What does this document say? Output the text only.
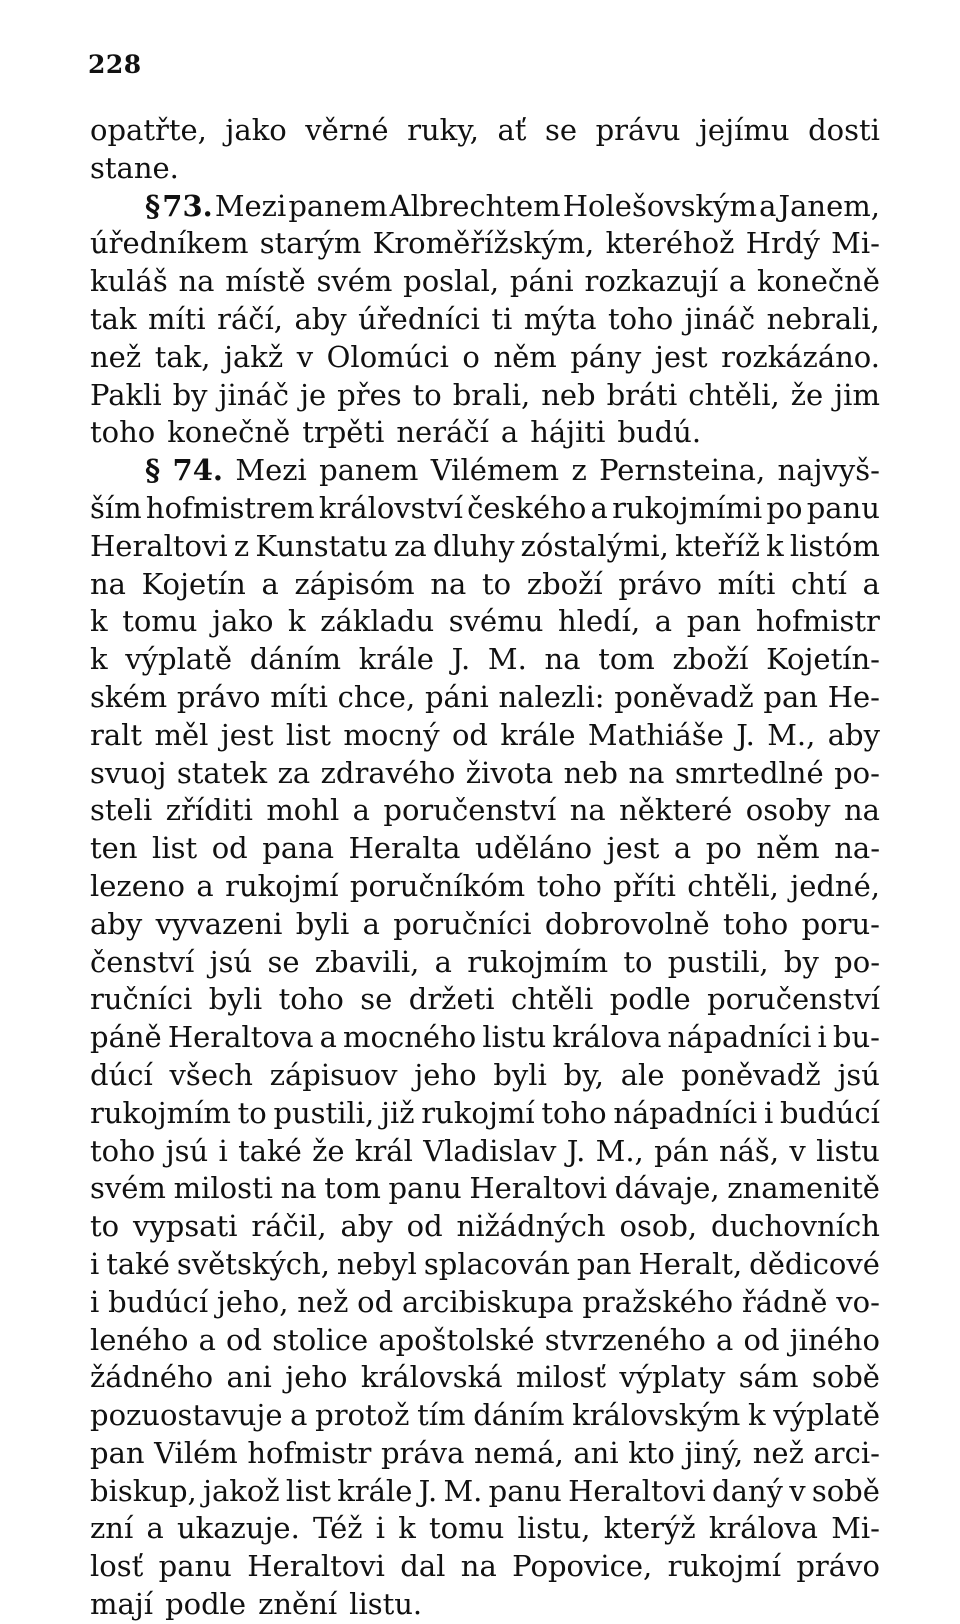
228
opatřte, jako věrné ruky, ať se právu jejímu dosti
stane.
§ 73. Mezi panem Albrechtem Holešovským a Janem,
úředníkem starým Kroměřížským, kteréhož Hrdý Mi-
kuláš na místě svém poslal, páni rozkazují a konečně
tak míti ráčí, aby úředníci ti mýta toho jináč nebrali,
než tak, jakž v Olomúci o něm pány jest rozkázáno.
Pakli by jináč je přes to brali, neb bráti chtěli, že jim
toho konečně trpěti neráčí a hájiti budú.
§ 74. Mezi panem Vilémem z Pernsteina, najvyš-
ším hofmistrem království českého a rukojmími po panu
Heraltovi z Kunstatu za dluhy zóstalými, kteříž k listóm
na Kojetín a zápisóm na to zboží právo míti chtí a
k tomu jako k základu svému hledí, a pan hofmistr
k výplatě dáním krále J. M. na tom zboží Kojetín-
ském právo míti chce, páni nalezli: poněvadž pan He-
ralt měl jest list mocný od krále Mathiáše J. M., aby
svuoj statek za zdravého života neb na smrtedlné po-
steli zříditi mohl a poručenství na některé osoby na
ten list od pana Heralta uděláno jest a po něm na-
lezeno a rukojmí poručníkóm toho příti chtěli, jedné,
aby vyvazeni byli a poručníci dobrovolně toho poru-
čenství jsú se zbavili, a rukojmím to pustili, by po-
ručníci byli toho se držeti chtěli podle poručenství
páně Heraltova a mocného listu králova nápadníci i bu-
dúcí všech zápisuov jeho byli by, ale poněvadž jsú
rukojmím to pustili, již rukojmí toho nápadníci i budúcí
toho jsú i také že král Vladislav J. M., pán náš, v listu
svém milosti na tom panu Heraltovi dávaje, znamenitě
to vypsati ráčil, aby od nižádných osob, duchovních
i také světských, nebyl splacován pan Heralt, dědicové
i budúcí jeho, než od arcibiskupa pražského řádně vo-
leného a od stolice apoštolské stvrzeného a od jiného
žádného ani jeho královská milosť výplaty sám sobě
pozuostavuje a protož tím dáním královským k výplatě
pan Vilém hofmistr práva nemá, ani kto jiný, než arci-
biskup, jakož list krále J. M. panu Heraltovi daný v sobě
zní a ukazuje. Též i k tomu listu, kterýž králova Mi-
losť panu Heraltovi dal na Popovice, rukojmí právo
mají podle znění listu.
